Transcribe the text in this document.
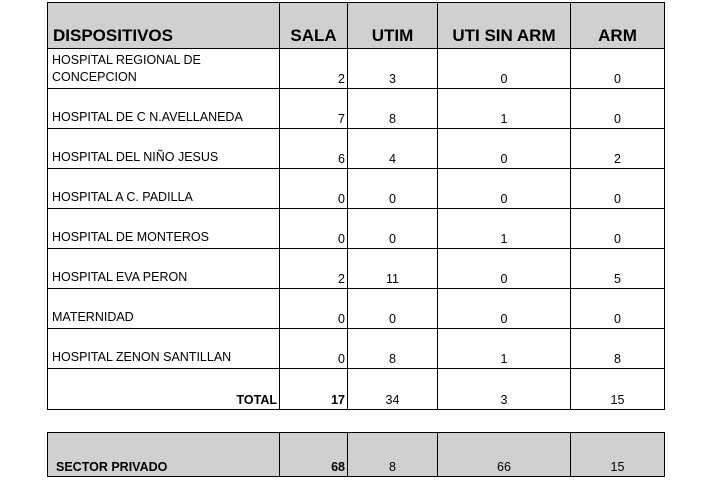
DISPOSITIVOS	SALA	UTIM	UTI SIN ARM	ARM
HOSPITAL REGIONAL DE CONCEPCION	2	3	0	0
HOSPITAL DE C N.AVELLANEDA	7	8	1	0
HOSPITAL DEL NIÑO JESUS	6	4	0	2
HOSPITAL A C. PADILLA	0	0	0	0
HOSPITAL DE MONTEROS	0	0	1	0
HOSPITAL EVA PERON	2	11	0	5
MATERNIDAD	0	0	0	0
HOSPITAL ZENON SANTILLAN	0	8	1	8
TOTAL	17	34	3	15
SECTOR PRIVADO	68	8	66	15
